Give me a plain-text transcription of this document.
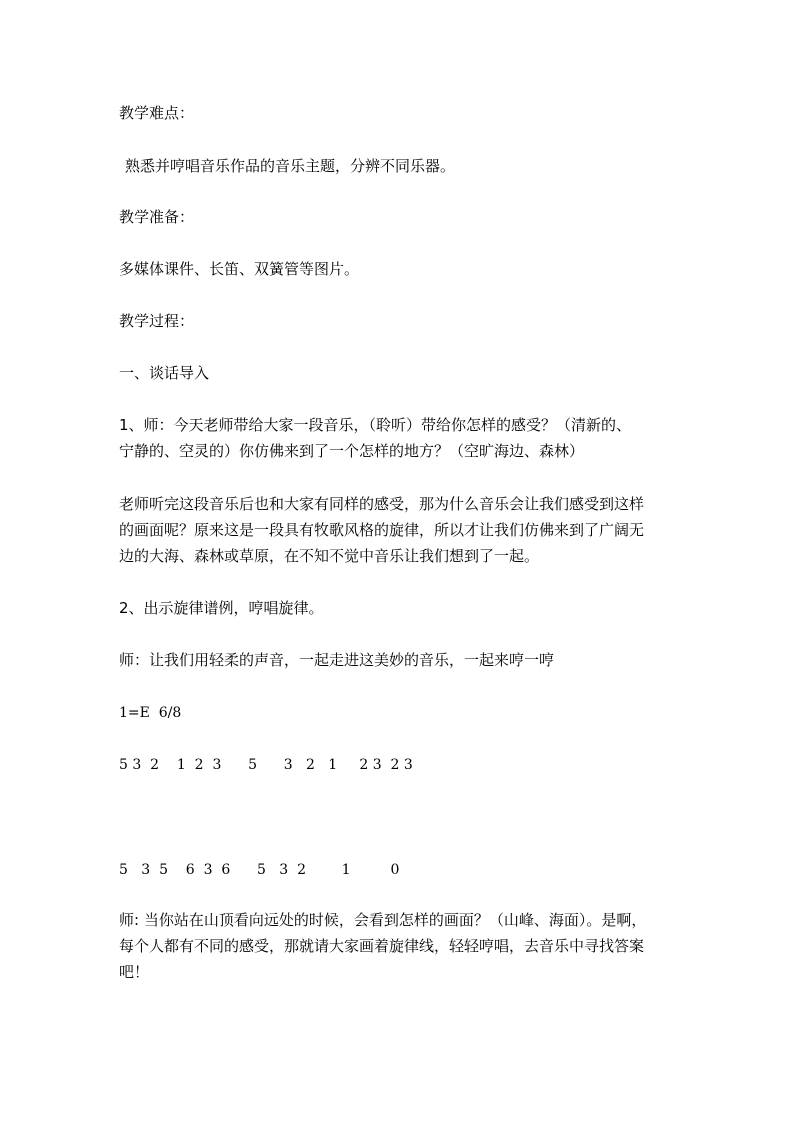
教学难点：
熟悉并哼唱音乐作品的音乐主题，分辨不同乐器。
教学准备：
多媒体课件、长笛、双簧管等图片。
教学过程：
一、谈话导入
1、师：今天老师带给大家一段音乐，（聆听）带给你怎样的感受？（清新的、
宁静的、空灵的）你仿佛来到了一个怎样的地方？（空旷海边、森林）
老师听完这段音乐后也和大家有同样的感受，那为什么音乐会让我们感受到这样
的画面呢？原来这是一段具有牧歌风格的旋律，所以才让我们仿佛来到了广阔无
边的大海、森林或草原，在不知不觉中音乐让我们想到了一起。
2、出示旋律谱例，哼唱旋律。
师：让我们用轻柔的声音，一起走进这美妙的音乐，一起来哼一哼
1=E  6/8
5 3  2    1  2  3      5      3   2   1     2 3  2 3
5   3  5    6  3  6      5   3  2        1         0
师: 当你站在山顶看向远处的时候，会看到怎样的画面？（山峰、海面）。是啊，
每个人都有不同的感受，那就请大家画着旋律线，轻轻哼唱，去音乐中寻找答案
吧！
